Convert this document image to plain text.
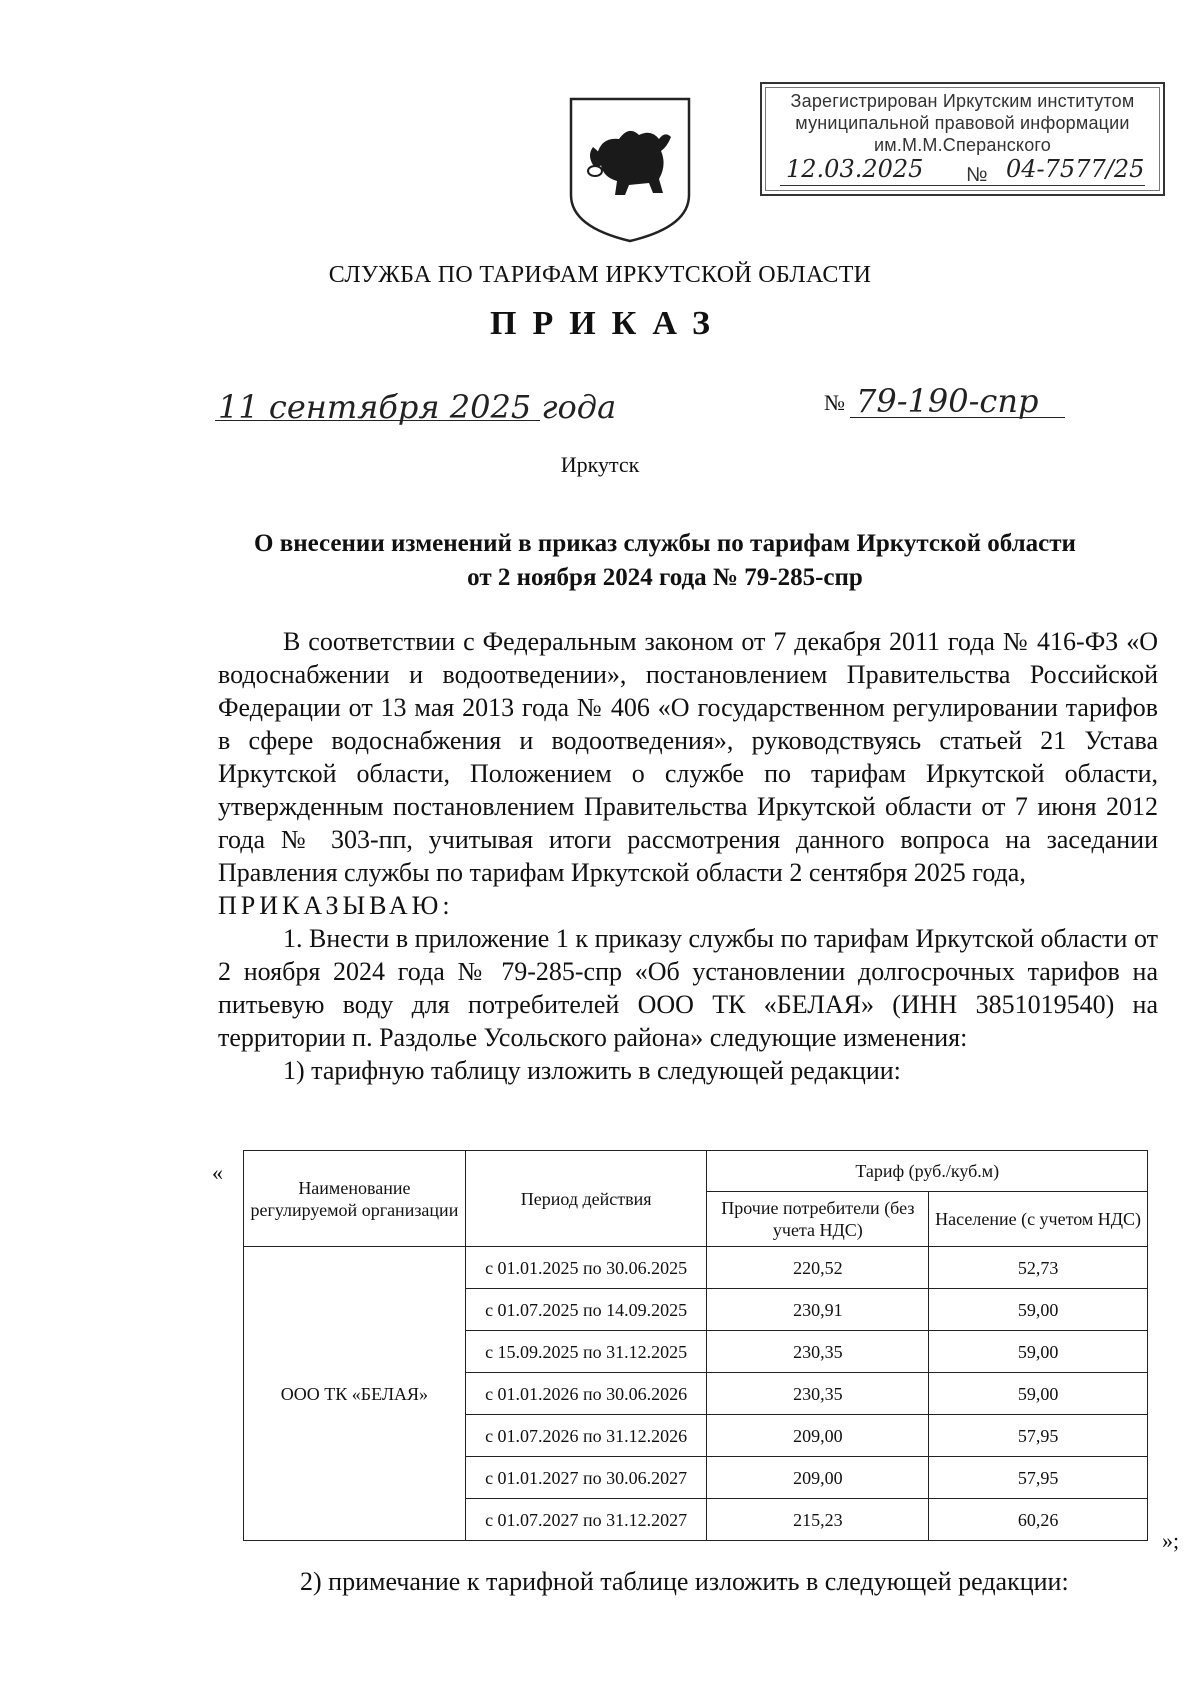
Зарегистрирован Иркутским институтом
муниципальной правовой информации
им.М.М.Сперанского
12.03.2025 № 04-7577/25
СЛУЖБА ПО ТАРИФАМ ИРКУТСКОЙ ОБЛАСТИ
ПРИКАЗ
11 сентября 2025 года	№ 79-190-спр
Иркутск
О внесении изменений в приказ службы по тарифам Иркутской области
от 2 ноября 2024 года № 79-285-спр

В соответствии с Федеральным законом от 7 декабря 2011 года № 416-ФЗ «О водоснабжении и водоотведении», постановлением Правительства Российской Федерации от 13 мая 2013 года № 406 «О государственном регулировании тарифов в сфере водоснабжения и водоотведения», руководствуясь статьей 21 Устава Иркутской области, Положением о службе по тарифам Иркутской области, утвержденным постановлением Правительства Иркутской области от 7 июня 2012 года № 303-пп, учитывая итоги рассмотрения данного вопроса на заседании Правления службы по тарифам Иркутской области 2 сентября 2025 года,

ПРИКАЗЫВАЮ:

1. Внести в приложение 1 к приказу службы по тарифам Иркутской области от 2 ноября 2024 года № 79-285-спр «Об установлении долгосрочных тарифов на питьевую воду для потребителей ООО ТК «БЕЛАЯ» (ИНН 3851019540) на территории п. Раздолье Усольского района» следующие изменения:

1) тарифную таблицу изложить в следующей редакции:

«
Наименование регулируемой организации	Период действия	Тариф (руб./куб.м)	
		Прочие потребители (без учета НДС)	Население (с учетом НДС)
ООО ТК «БЕЛАЯ»	с 01.01.2025 по 30.06.2025	220,52	52,73
	с 01.07.2025 по 14.09.2025	230,91	59,00
	с 15.09.2025 по 31.12.2025	230,35	59,00
	с 01.01.2026 по 30.06.2026	230,35	59,00
	с 01.07.2026 по 31.12.2026	209,00	57,95
	с 01.01.2027 по 30.06.2027	209,00	57,95
	с 01.07.2027 по 31.12.2027	215,23	60,26
»;
2) примечание к тарифной таблице изложить в следующей редакции:
